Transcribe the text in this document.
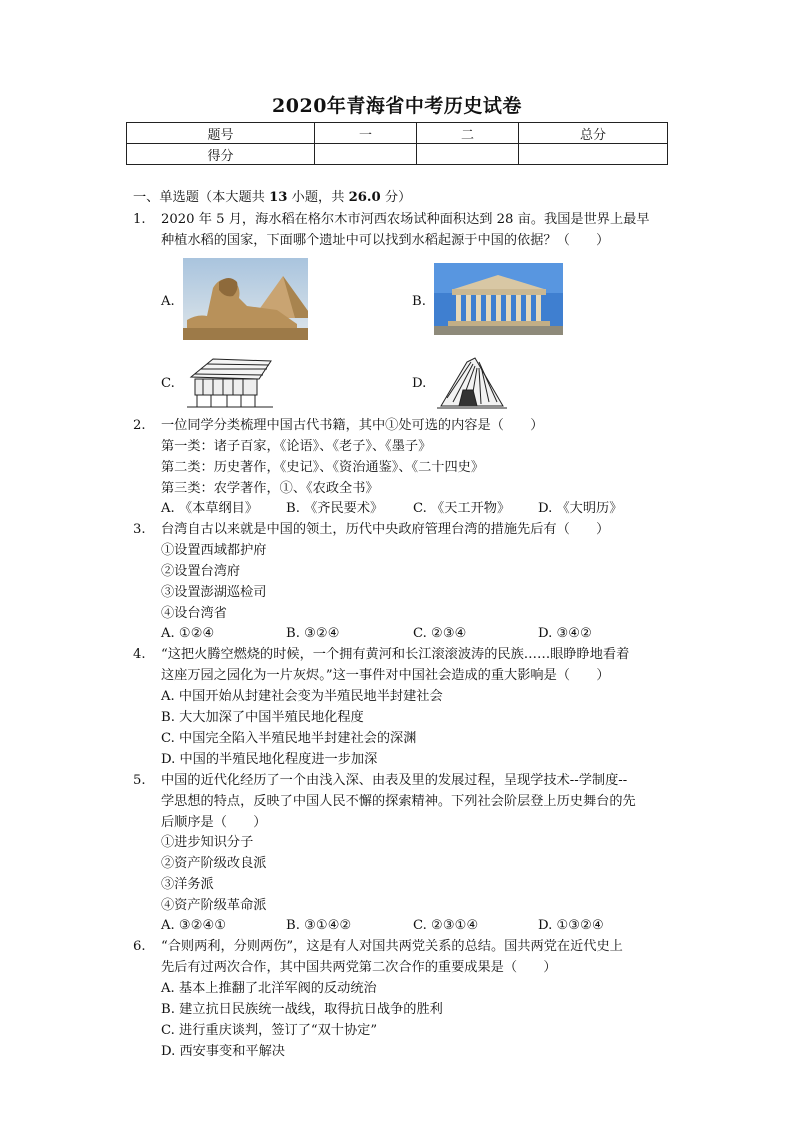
2020年青海省中考历史试卷
题号	一	二	总分
得分			
一、单选题（本大题共 13 小题，共 26.0 分）
1. 2020 年 5 月，海水稻在格尔木市河西农场试种面积达到 28 亩。我国是世界上最早
种植水稻的国家，下面哪个遗址中可以找到水稻起源于中国的依据？（　　）
A.	B.
C.	D.
2. 一位同学分类梳理中国古代书籍，其中①处可选的内容是（　　）
第一类：诸子百家，《论语》、《老子》、《墨子》
第二类：历史著作，《史记》、《资治通鉴》、《二十四史》
第三类：农学著作，①、《农政全书》
A. 《本草纲目》 B. 《齐民要术》 C. 《天工开物》 D. 《大明历》
3. 台湾自古以来就是中国的领土，历代中央政府管理台湾的措施先后有（　　）
①设置西域都护府
②设置台湾府
③设置澎湖巡检司
④设台湾省
A. ①②④	B. ③②④	C. ②③④	D. ③④②
4. “这把火腾空燃烧的时候，一个拥有黄河和长江滚滚波涛的民族……眼睁睁地看着
这座万园之园化为一片灰烬。”这一事件对中国社会造成的重大影响是（　　）
A. 中国开始从封建社会变为半殖民地半封建社会
B. 大大加深了中国半殖民地化程度
C. 中国完全陷入半殖民地半封建社会的深渊
D. 中国的半殖民地化程度进一步加深
5. 中国的近代化经历了一个由浅入深、由表及里的发展过程，呈现学技术--学制度--
学思想的特点，反映了中国人民不懈的探索精神。下列社会阶层登上历史舞台的先
后顺序是（　　）
①进步知识分子
②资产阶级改良派
③洋务派
④资产阶级革命派
A. ③②④①	B. ③①④②	C. ②③①④	D. ①③②④
6. “合则两利，分则两伤”，这是有人对国共两党关系的总结。国共两党在近代史上
先后有过两次合作，其中国共两党第二次合作的重要成果是（　　）
A. 基本上推翻了北洋军阀的反动统治
B. 建立抗日民族统一战线，取得抗日战争的胜利
C. 进行重庆谈判，签订了“双十协定”
D. 西安事变和平解决
